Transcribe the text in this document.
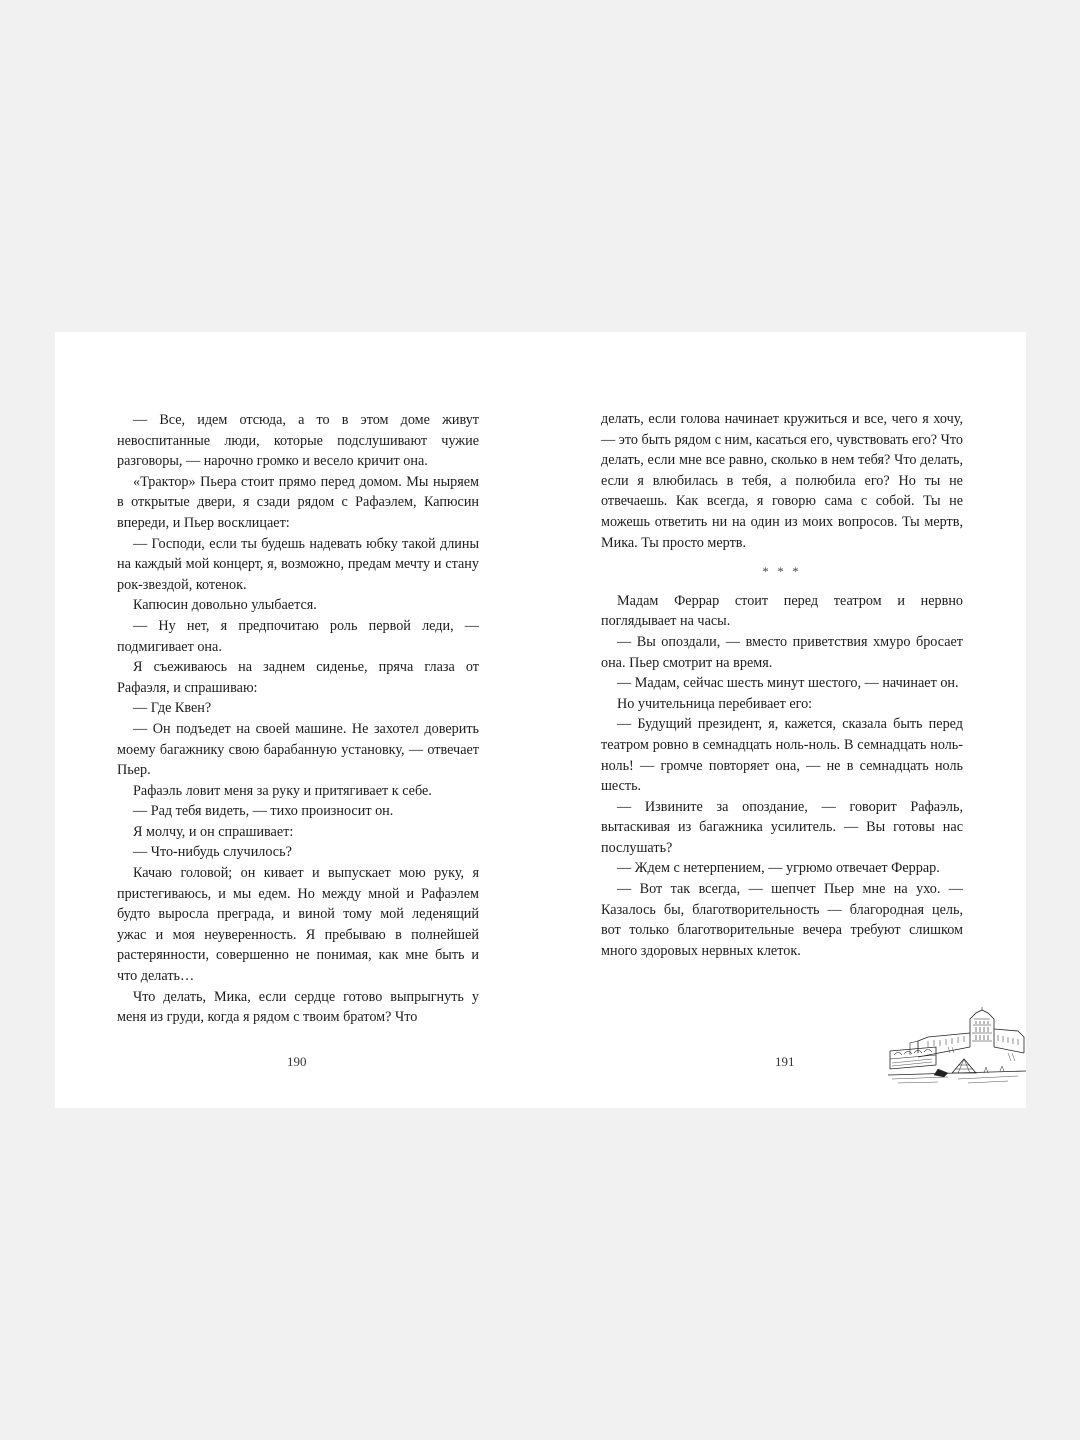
— Все, идем отсюда, а то в этом доме живут невоспитанные люди, которые подслушивают чужие разговоры, — нарочно громко и весело кричит она.

«Трактор» Пьера стоит прямо перед домом. Мы ныряем в открытые двери, я сзади рядом с Рафаэлем, Капюсин впереди, и Пьер восклицает:

— Господи, если ты будешь надевать юбку такой длины на каждый мой концерт, я, возможно, предам мечту и стану рок-звездой, котенок.

Капюсин довольно улыбается.

— Ну нет, я предпочитаю роль первой леди, — подмигивает она.

Я съеживаюсь на заднем сиденье, пряча глаза от Рафаэля, и спрашиваю:

— Где Квен?

— Он подъедет на своей машине. Не захотел доверить моему багажнику свою барабанную установку, — отвечает Пьер.

Рафаэль ловит меня за руку и притягивает к себе.

— Рад тебя видеть, — тихо произносит он.

Я молчу, и он спрашивает:

— Что-нибудь случилось?

Качаю головой; он кивает и выпускает мою руку, я пристегиваюсь, и мы едем. Но между мной и Рафаэлем будто выросла преграда, и виной тому мой леденящий ужас и моя неуверенность. Я пребываю в полнейшей растерянности, совершенно не понимая, как мне быть и что делать…

Что делать, Мика, если сердце готово выпрыгнуть у меня из груди, когда я рядом с твоим братом? Что

делать, если голова начинает кружиться и все, чего я хочу, — это быть рядом с ним, касаться его, чувствовать его? Что делать, если мне все равно, сколько в нем тебя? Что делать, если я влюбилась в тебя, а полюбила его? Но ты не отвечаешь. Как всегда, я говорю сама с собой. Ты не можешь ответить ни на один из моих вопросов. Ты мертв, Мика. Ты просто мертв.

* * *

Мадам Феррар стоит перед театром и нервно поглядывает на часы.

— Вы опоздали, — вместо приветствия хмуро бросает она. Пьер смотрит на время.

— Мадам, сейчас шесть минут шестого, — начинает он.

Но учительница перебивает его:

— Будущий президент, я, кажется, сказала быть перед театром ровно в семнадцать ноль-ноль. В семнадцать ноль-ноль! — громче повторяет она, — не в семнадцать ноль шесть.

— Извините за опоздание, — говорит Рафаэль, вытаскивая из багажника усилитель. — Вы готовы нас послушать?

— Ждем с нетерпением, — угрюмо отвечает Феррар.

— Вот так всегда, — шепчет Пьер мне на ухо. — Казалось бы, благотворительность — благородная цель, вот только благотворительные вечера требуют слишком много здоровых нервных клеток.

190	191
